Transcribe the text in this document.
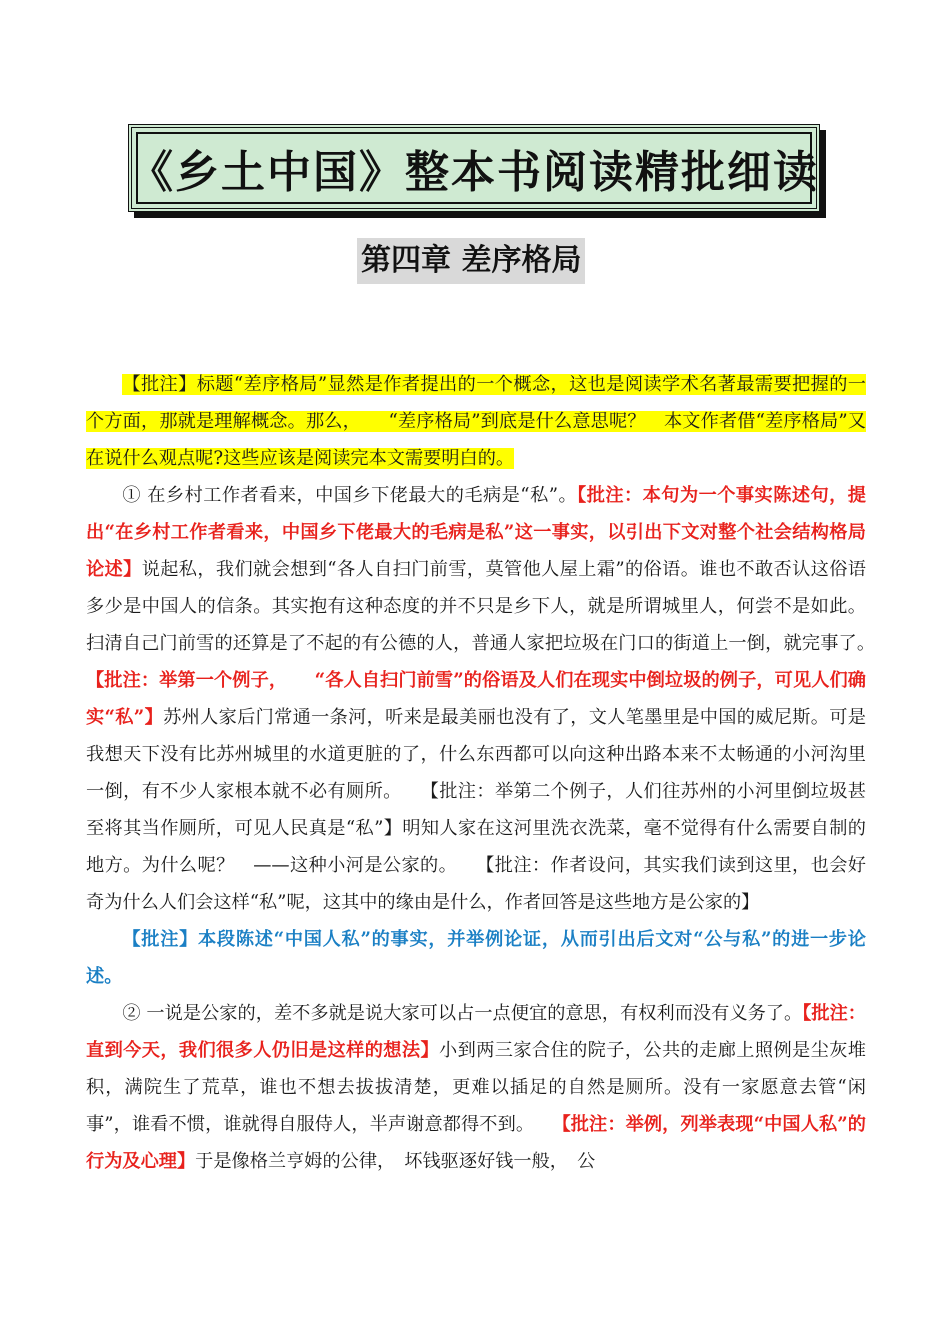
《乡土中国》整本书阅读精批细读
第四章 差序格局

【批注】标题“差序格局”显然是作者提出的一个概念，这也是阅读学术名著最需要把握的一个方面，那就是理解概念。那么，　　“差序格局”到底是什么意思呢？　本文作者借“差序格局”又在说什么观点呢?这些应该是阅读完本文需要明白的。

① 在乡村工作者看来，中国乡下佬最大的毛病是“私”。【批注：本句为一个事实陈述句，提出“在乡村工作者看来，中国乡下佬最大的毛病是私”这一事实，以引出下文对整个社会结构格局论述】说起私，我们就会想到“各人自扫门前雪，莫管他人屋上霜”的俗语。谁也不敢否认这俗语多少是中国人的信条。其实抱有这种态度的并不只是乡下人，就是所谓城里人，何尝不是如此。扫清自己门前雪的还算是了不起的有公德的人，普通人家把垃圾在门口的街道上一倒，就完事了。　　【批注：举第一个例子，　　“各人自扫门前雪”的俗语及人们在现实中倒垃圾的例子，可见人们确实“私”】苏州人家后门常通一条河，听来是最美丽也没有了，文人笔墨里是中国的威尼斯。可是我想天下没有比苏州城里的水道更脏的了，什么东西都可以向这种出路本来不太畅通的小河沟里一倒，有不少人家根本就不必有厕所。　　【批注：举第二个例子，人们往苏州的小河里倒垃圾甚至将其当作厕所，可见人民真是“私”】明知人家在这河里洗衣洗菜，毫不觉得有什么需要自制的地方。为什么呢？　——这种小河是公家的。　　【批注：作者设问，其实我们读到这里，也会好奇为什么人们会这样“私”呢，这其中的缘由是什么，作者回答是这些地方是公家的】

【批注】本段陈述“中国人私”的事实，并举例论证，从而引出后文对“公与私”的进一步论述。

② 一说是公家的，差不多就是说大家可以占一点便宜的意思，有权利而没有义务了。【批注：直到今天，我们很多人仍旧是这样的想法】小到两三家合住的院子，公共的走廊上照例是尘灰堆积，满院生了荒草，谁也不想去拔拔清楚，更难以插足的自然是厕所。没有一家愿意去管“闲事”，谁看不惯，谁就得自服侍人，半声谢意都得不到。　　【批注：举例，列举表现“中国人私”的行为及心理】于是像格兰亨姆的公律，　坏钱驱逐好钱一般，　公
